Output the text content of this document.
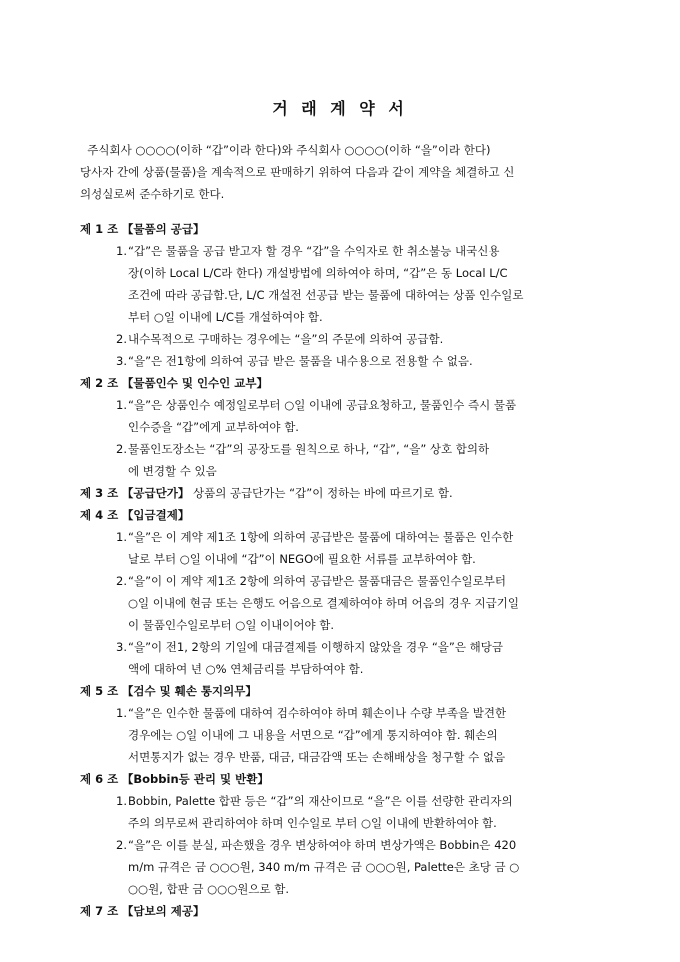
거 래 계 약 서
주식회사 ○○○○(이하 “갑”이라 한다)와 주식회사 ○○○○(이하 “을”이라 한다)
당사자 간에 상품(물품)을 계속적으로 판매하기 위하여 다음과 같이 계약을 체결하고 신
의성실로써 준수하기로 한다.
제 1 조 【물품의 공급】
1. “갑”은 물품을 공급 받고자 할 경우 “갑”을 수익자로 한 취소불능 내국신용
장(이하 Local L/C라 한다) 개설방법에 의하여야 하며, “갑”은 동 Local L/C
조건에 따라 공급함.단, L/C 개설전 선공급 받는 물품에 대하여는 상품 인수일로
부터 ○일 이내에 L/C를 개설하여야 함.
2. 내수목적으로 구매하는 경우에는 “을”의 주문에 의하여 공급함.
3. “을”은 전1항에 의하여 공급 받은 물품을 내수용으로 전용할 수 없음.
제 2 조 【물품인수 및 인수인 교부】
1. “을”은 상품인수 예정일로부터 ○일 이내에 공급요청하고, 물품인수 즉시 물품
인수증을 “갑”에게 교부하여야 함.
2. 물품인도장소는 “갑”의 공장도를 원칙으로 하나, “갑”, “을” 상호 합의하
에 변경할 수 있음
제 3 조 【공급단가】 상품의 공급단가는 “갑”이 정하는 바에 따르기로 함.
제 4 조 【입금결제】
1. “을”은 이 계약 제1조 1항에 의하여 공급받은 물품에 대하여는 물품은 인수한
날로 부터 ○일 이내에 “갑”이 NEGO에 필요한 서류를 교부하여야 함.
2. “을”이 이 계약 제1조 2항에 의하여 공급받은 물품대금은 물품인수일로부터
○일 이내에 현금 또는 은행도 어음으로 결제하여야 하며 어음의 경우 지급기일
이 물품인수일로부터 ○일 이내이어야 함.
3. “을”이 전1, 2항의 기일에 대금결제를 이행하지 않았을 경우 “을”은 해당금
액에 대하여 년 ○% 연체금리를 부담하여야 함.
제 5 조 【검수 및 훼손 통지의무】
1. “을”은 인수한 물품에 대하여 검수하여야 하며 훼손이나 수량 부족을 발견한
경우에는 ○일 이내에 그 내용을 서면으로 “갑”에게 통지하여야 함. 훼손의
서면통지가 없는 경우 반품, 대금, 대금감액 또는 손해배상을 청구할 수 없음
제 6 조 【Bobbin등 관리 및 반환】
1. Bobbin, Palette 합판 등은 “갑”의 재산이므로 “을”은 이를 선량한 관리자의
주의 의무로써 관리하여야 하며 인수일로 부터 ○일 이내에 반환하여야 함.
2. “을”은 이를 분실, 파손했을 경우 변상하여야 하며 변상가액은 Bobbin은 420
m/m 규격은 금 ○○○원, 340 m/m 규격은 금 ○○○원, Palette은 초당 금 ○
○○원, 합판 금 ○○○원으로 함.
제 7 조 【담보의 제공】
